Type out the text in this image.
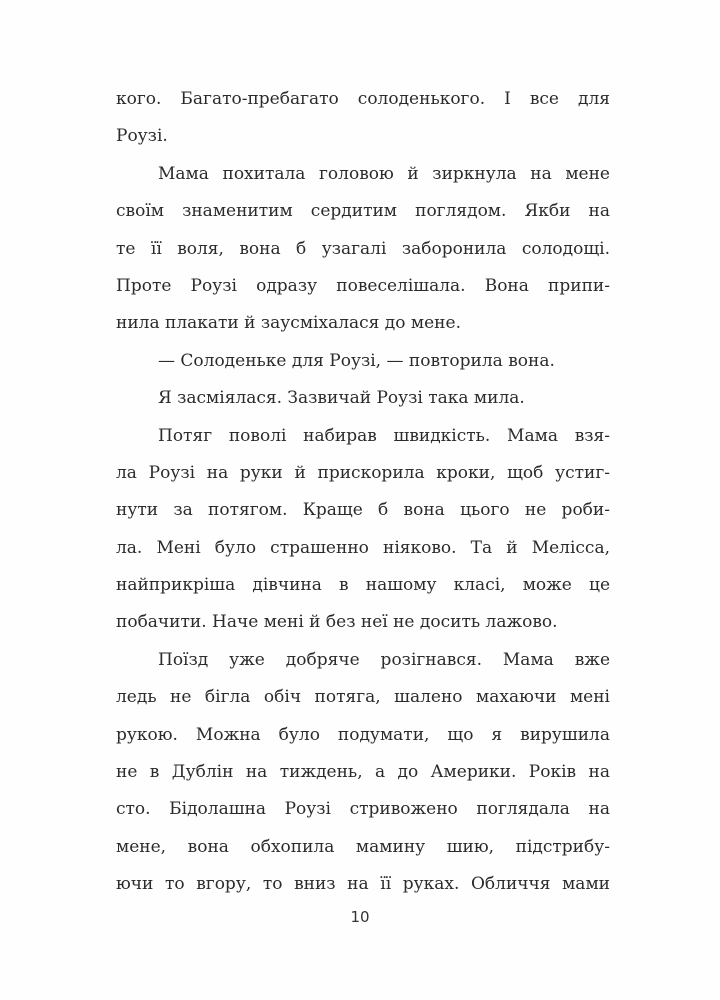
кого. Багато-пребагато солоденького. І все для
Роузі.
Мама похитала головою й зиркнула на мене
своїм знаменитим сердитим поглядом. Якби на
те її воля, вона б узагалі заборонила солодощі.
Проте Роузі одразу повеселішала. Вона припи-
нила плакати й заусміхалася до мене.
— Солоденьке для Роузі, — повторила вона.
Я засміялася. Зазвичай Роузі така мила.
Потяг поволі набирав швидкість. Мама взя-
ла Роузі на руки й прискорила кроки, щоб устиг-
нути за потягом. Краще б вона цього не роби-
ла. Мені було страшенно ніяково. Та й Мелісса,
найприкріша дівчина в нашому класі, може це
побачити. Наче мені й без неї не досить лажово.
Поїзд уже добряче розігнався. Мама вже
ледь не бігла обіч потяга, шалено махаючи мені
рукою. Можна було подумати, що я вирушила
не в Дублін на тиждень, а до Америки. Років на
сто. Бідолашна Роузі стривожено поглядала на
мене, вона обхопила мамину шию, підстрибу-
ючи то вгору, то вниз на її руках. Обличчя мами
10
